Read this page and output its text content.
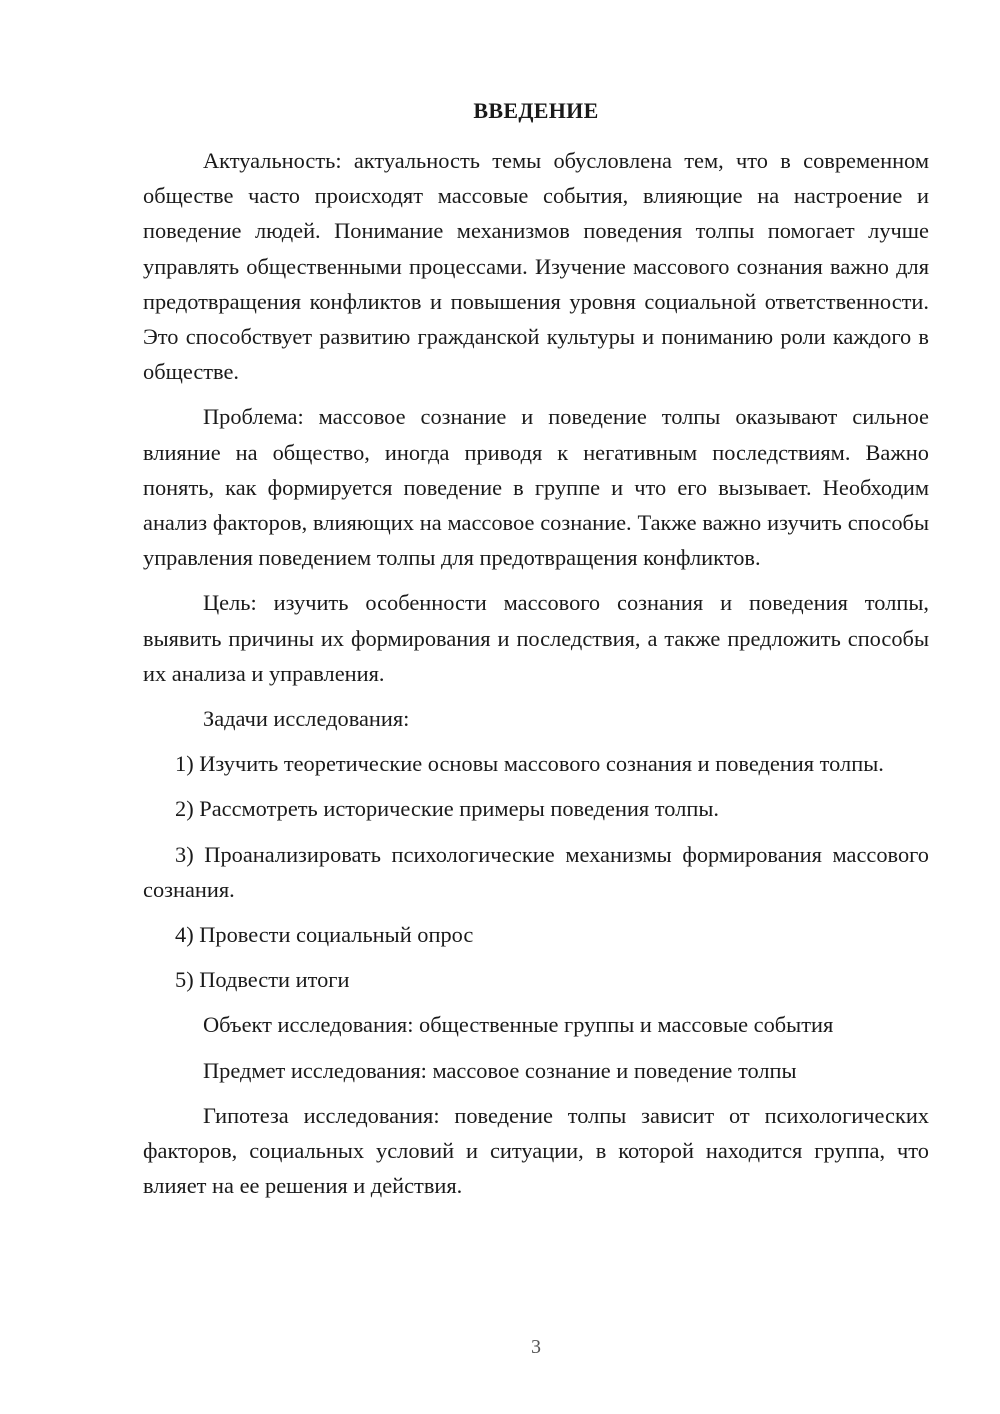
ВВЕДЕНИЕ

Актуальность: актуальность темы обусловлена тем, что в современном обществе часто происходят массовые события, влияющие на настроение и поведение людей. Понимание механизмов поведения толпы помогает лучше управлять общественными процессами. Изучение массового сознания важно для предотвращения конфликтов и повышения уровня социальной ответственности. Это способствует развитию гражданской культуры и пониманию роли каждого в обществе.

Проблема: массовое сознание и поведение толпы оказывают сильное влияние на общество, иногда приводя к негативным последствиям. Важно понять, как формируется поведение в группе и что его вызывает. Необходим анализ факторов, влияющих на массовое сознание. Также важно изучить способы управления поведением толпы для предотвращения конфликтов.

Цель: изучить особенности массового сознания и поведения толпы, выявить причины их формирования и последствия, а также предложить способы их анализа и управления.

Задачи исследования:

1) Изучить теоретические основы массового сознания и поведения толпы.

2) Рассмотреть исторические примеры поведения толпы.

3) Проанализировать психологические механизмы формирования массового сознания.

4) Провести социальный опрос

5) Подвести итоги

Объект исследования: общественные группы и массовые события

Предмет исследования: массовое сознание и поведение толпы

Гипотеза исследования: поведение толпы зависит от психологических факторов, социальных условий и ситуации, в которой находится группа, что влияет на ее решения и действия.

3
